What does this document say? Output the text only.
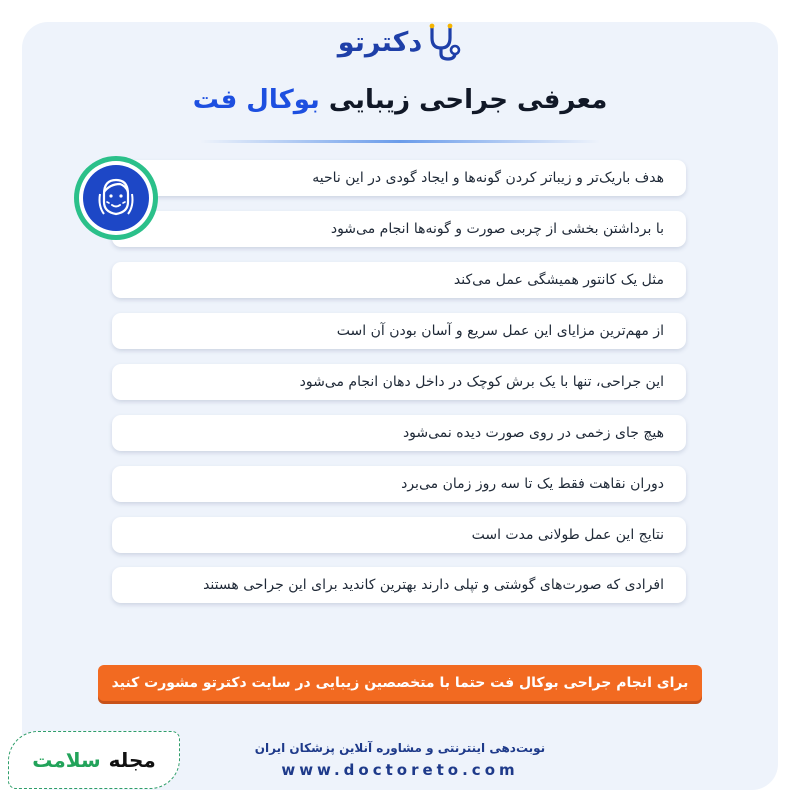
دکترتو
معرفی جراحی زیبایی بوکال فت
هدف باریک‌تر و زیباتر کردن گونه‌ها و ایجاد گودی در این ناحیه
با برداشتن بخشی از چربی صورت و گونه‌ها انجام می‌شود
مثل یک کانتور همیشگی عمل می‌کند
از مهم‌ترین مزایای این عمل سریع و آسان بودن آن است
این جراحی، تنها با یک برش کوچک در داخل دهان انجام می‌شود
هیچ جای زخمی در روی صورت دیده نمی‌شود
دوران نقاهت فقط یک تا سه روز زمان می‌برد
نتایج این عمل طولانی مدت است
افرادی که صورت‌های گوشتی و تپلی دارند بهترین کاندید برای این جراحی هستند
برای انجام جراحی بوکال فت حتما با متخصصین زیبایی در سایت دکترتو مشورت کنید
نوبت‌دهی اینترنتی و مشاوره آنلاین پزشکان ایران
www.doctoreto.com
مجله
سلامت
